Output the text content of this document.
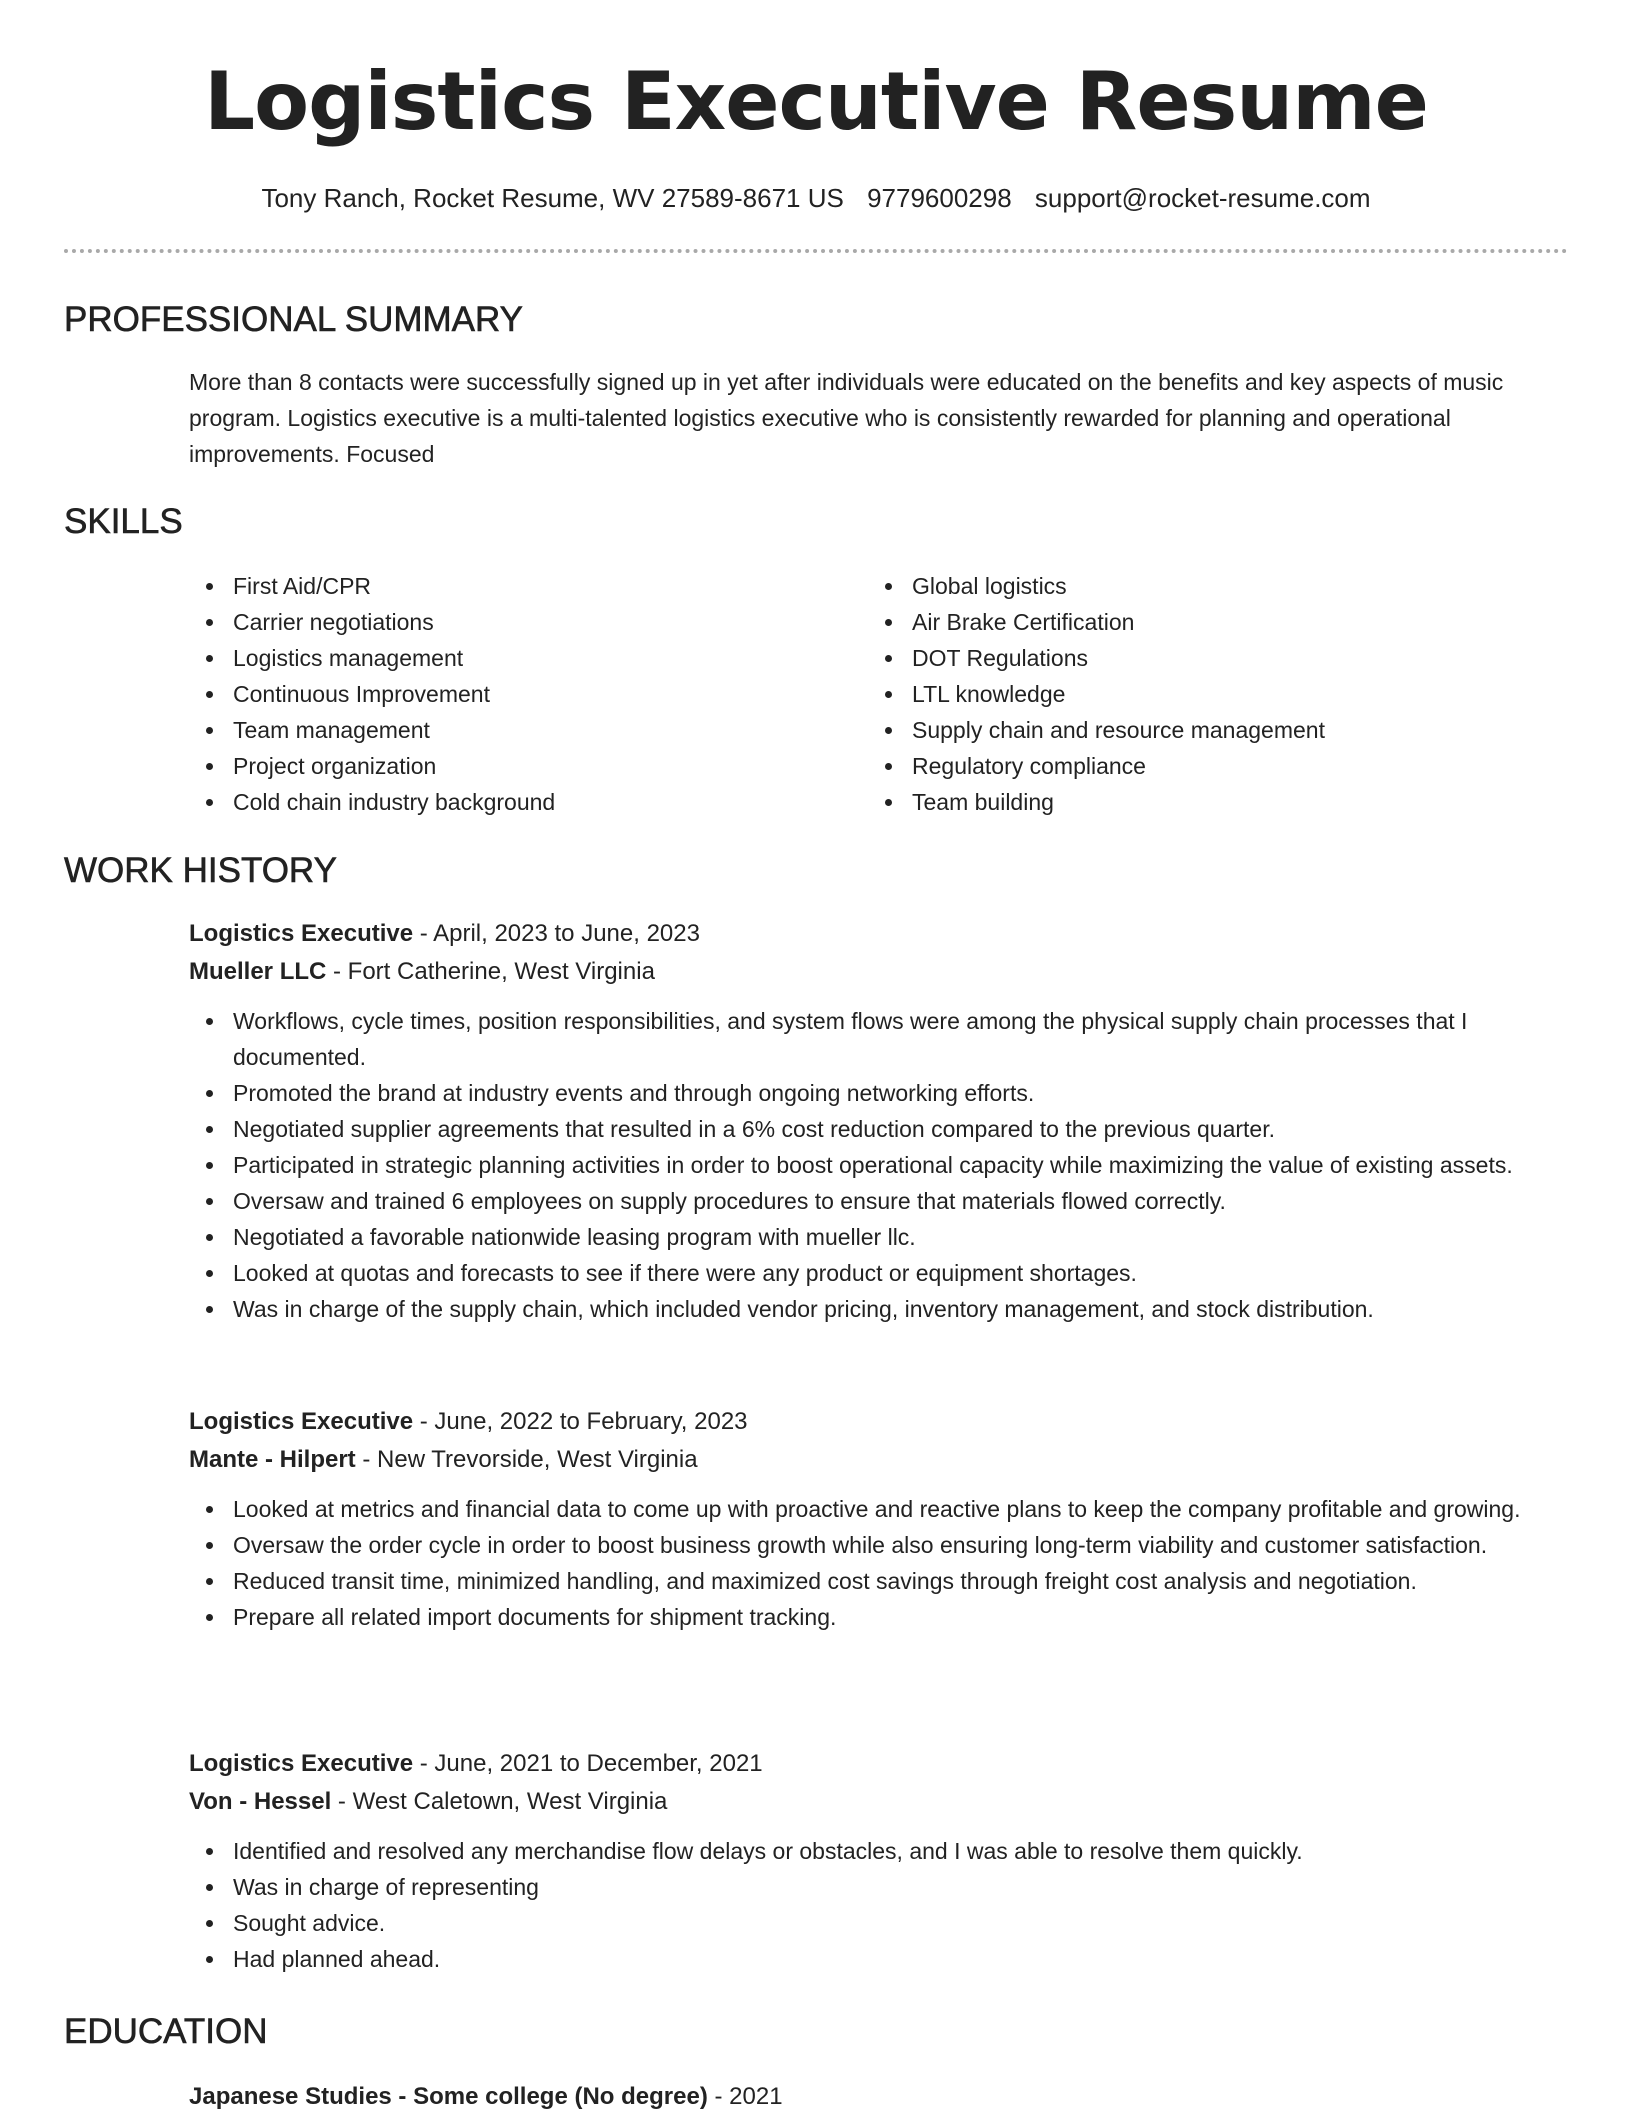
Logistics Executive Resume
Tony Ranch, Rocket Resume, WV 27589-8671 US 9779600298 support@rocket-resume.com
PROFESSIONAL SUMMARY
More than 8 contacts were successfully signed up in yet after individuals were educated on the benefits and key aspects of music program. Logistics executive is a multi-talented logistics executive who is consistently rewarded for planning and operational improvements. Focused
SKILLS
First Aid/CPR
Carrier negotiations
Logistics management
Continuous Improvement
Team management
Project organization
Cold chain industry background
Global logistics
Air Brake Certification
DOT Regulations
LTL knowledge
Supply chain and resource management
Regulatory compliance
Team building
WORK HISTORY
Logistics Executive - April, 2023 to June, 2023
Mueller LLC - Fort Catherine, West Virginia
Workflows, cycle times, position responsibilities, and system flows were among the physical supply chain processes that I documented.
Promoted the brand at industry events and through ongoing networking efforts.
Negotiated supplier agreements that resulted in a 6% cost reduction compared to the previous quarter.
Participated in strategic planning activities in order to boost operational capacity while maximizing the value of existing assets.
Oversaw and trained 6 employees on supply procedures to ensure that materials flowed correctly.
Negotiated a favorable nationwide leasing program with mueller llc.
Looked at quotas and forecasts to see if there were any product or equipment shortages.
Was in charge of the supply chain, which included vendor pricing, inventory management, and stock distribution.
Logistics Executive - June, 2022 to February, 2023
Mante - Hilpert - New Trevorside, West Virginia
Looked at metrics and financial data to come up with proactive and reactive plans to keep the company profitable and growing.
Oversaw the order cycle in order to boost business growth while also ensuring long-term viability and customer satisfaction.
Reduced transit time, minimized handling, and maximized cost savings through freight cost analysis and negotiation.
Prepare all related import documents for shipment tracking.
Logistics Executive - June, 2021 to December, 2021
Von - Hessel - West Caletown, West Virginia
Identified and resolved any merchandise flow delays or obstacles, and I was able to resolve them quickly.
Was in charge of representing
Sought advice.
Had planned ahead.
EDUCATION
Japanese Studies - Some college (No degree) - 2021
